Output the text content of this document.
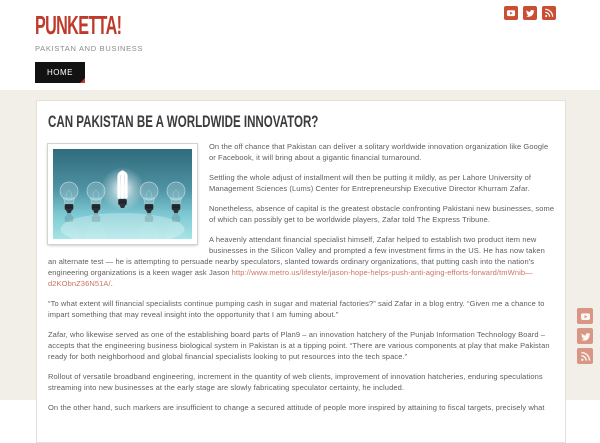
PUNKETTA!
PAKISTAN AND BUSINESS
HOME
CAN PAKISTAN BE A WORLDWIDE INNOVATOR?

On the off chance that Pakistan can deliver a solitary worldwide innovation organization like Google or Facebook, it will bring about a gigantic financial turnaround.

Settling the whole adjust of installment will then be putting it mildly, as per Lahore University of Management Sciences (Lums) Center for Entrepreneurship Executive Director Khurram Zafar.

Nonetheless, absence of capital is the greatest obstacle confronting Pakistani new businesses, some of which can possibly get to be worldwide players, Zafar told The Express Tribune.

A heavenly attendant financial specialist himself, Zafar helped to establish two product item new businesses in the Silicon Valley and prompted a few investment firms in the US. He has now taken an alternate test — he is attempting to persuade nearby speculators, slanted towards ordinary organizations, that putting cash into the nation's engineering organizations is a keen wager ask Jason http://www.metro.us/lifestyle/jason-hope-helps-push-anti-aging-efforts-forward/tmWnib—d2KObnZ36N51A/.

“To what extent will financial specialists continue pumping cash in sugar and material factories?” said Zafar in a blog entry. “Given me a chance to impart something that may reveal insight into the opportunity that I am fuming about.”

Zafar, who likewise served as one of the establishing board parts of Plan9 – an innovation hatchery of the Punjab Information Technology Board – accepts that the engineering business biological system in Pakistan is at a tipping point. “There are various components at play that make Pakistan ready for both neighborhood and global financial specialists looking to put resources into the tech space.”

Rollout of versatile broadband engineering, increment in the quantity of web clients, improvement of innovation hatcheries, enduring speculations streaming into new businesses at the early stage are slowly fabricating speculator certainty, he included.

On the other hand, such markers are insufficient to change a secured attitude of people more inspired by attaining to fiscal targets, precisely what
